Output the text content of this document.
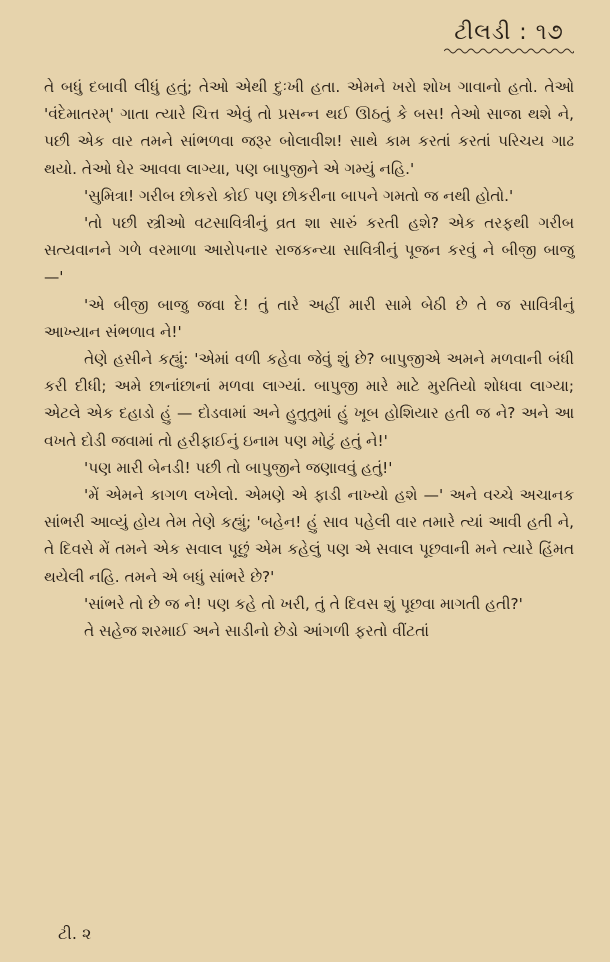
ટીલડી : ૧૭

તે બધું દબાવી લીધું હતું; તેઓ એથી દુઃખી હતા. એમને ખરો શોખ ગાવાનો હતો. તેઓ 'વંદેમાતરમ્' ગાતા ત્યારે ચિત્ત એવું તો પ્રસન્ન થઈ ઊઠતું કે બસ! તેઓ સાજા થશે ને, પછી એક વાર તમને સાંભળવા જરૂર બોલાવીશ! સાથે કામ કરતાં કરતાં પરિચય ગાઢ થયો. તેઓ ઘેર આવવા લાગ્યા, પણ બાપુજીને એ ગમ્યું નહિ.'

'સુમિત્રા! ગરીબ છોકરો કોઈ પણ છોકરીના બાપને ગમતો જ નથી હોતો.'

'તો પછી સ્ત્રીઓ વટસાવિત્રીનું વ્રત શા સારું કરતી હશે? એક તરફથી ગરીબ સત્યવાનને ગળે વરમાળા આરોપનાર રાજકન્યા સાવિત્રીનું પૂજન કરવું ને બીજી બાજુ —'

'એ બીજી બાજુ જવા દે! તું તારે અહીં મારી સામે બેઠી છે તે જ સાવિત્રીનું આખ્યાન સંભળાવ ને!'

તેણે હસીને કહ્યું: 'એમાં વળી કહેવા જેવું શું છે? બાપુજીએ અમને મળવાની બંધી કરી દીધી; અમે છાનાંછાનાં મળવા લાગ્યાં. બાપુજી મારે માટે મુરતિયો શોધવા લાગ્યા; એટલે એક દહાડો હું — દોડવામાં અને હુતુતુમાં હું ખૂબ હોશિયાર હતી જ ને? અને આ વખતે દોડી જવામાં તો હરીફાઈનું ઇનામ પણ મોટું હતું ને!'

'પણ મારી બેનડી! પછી તો બાપુજીને જણાવવું હતું!'

'મેં એમને કાગળ લખેલો. એમણે એ ફાડી નાખ્યો હશે —' અને વચ્ચે અચાનક સાંભરી આવ્યું હોય તેમ તેણે કહ્યું; 'બહેન! હું સાવ પહેલી વાર તમારે ત્યાં આવી હતી ને, તે દિવસે મેં તમને એક સવાલ પૂછું એમ કહેલું પણ એ સવાલ પૂછવાની મને ત્યારે હિંમત થયેલી નહિ. તમને એ બધું સાંભરે છે?'

'સાંભરે તો છે જ ને! પણ કહે તો ખરી, તું તે દિવસ શું પૂછવા માગતી હતી?'

તે સહેજ શરમાઈ અને સાડીનો છેડો આંગળી ફરતો વીંટતાં

ટી. ૨
